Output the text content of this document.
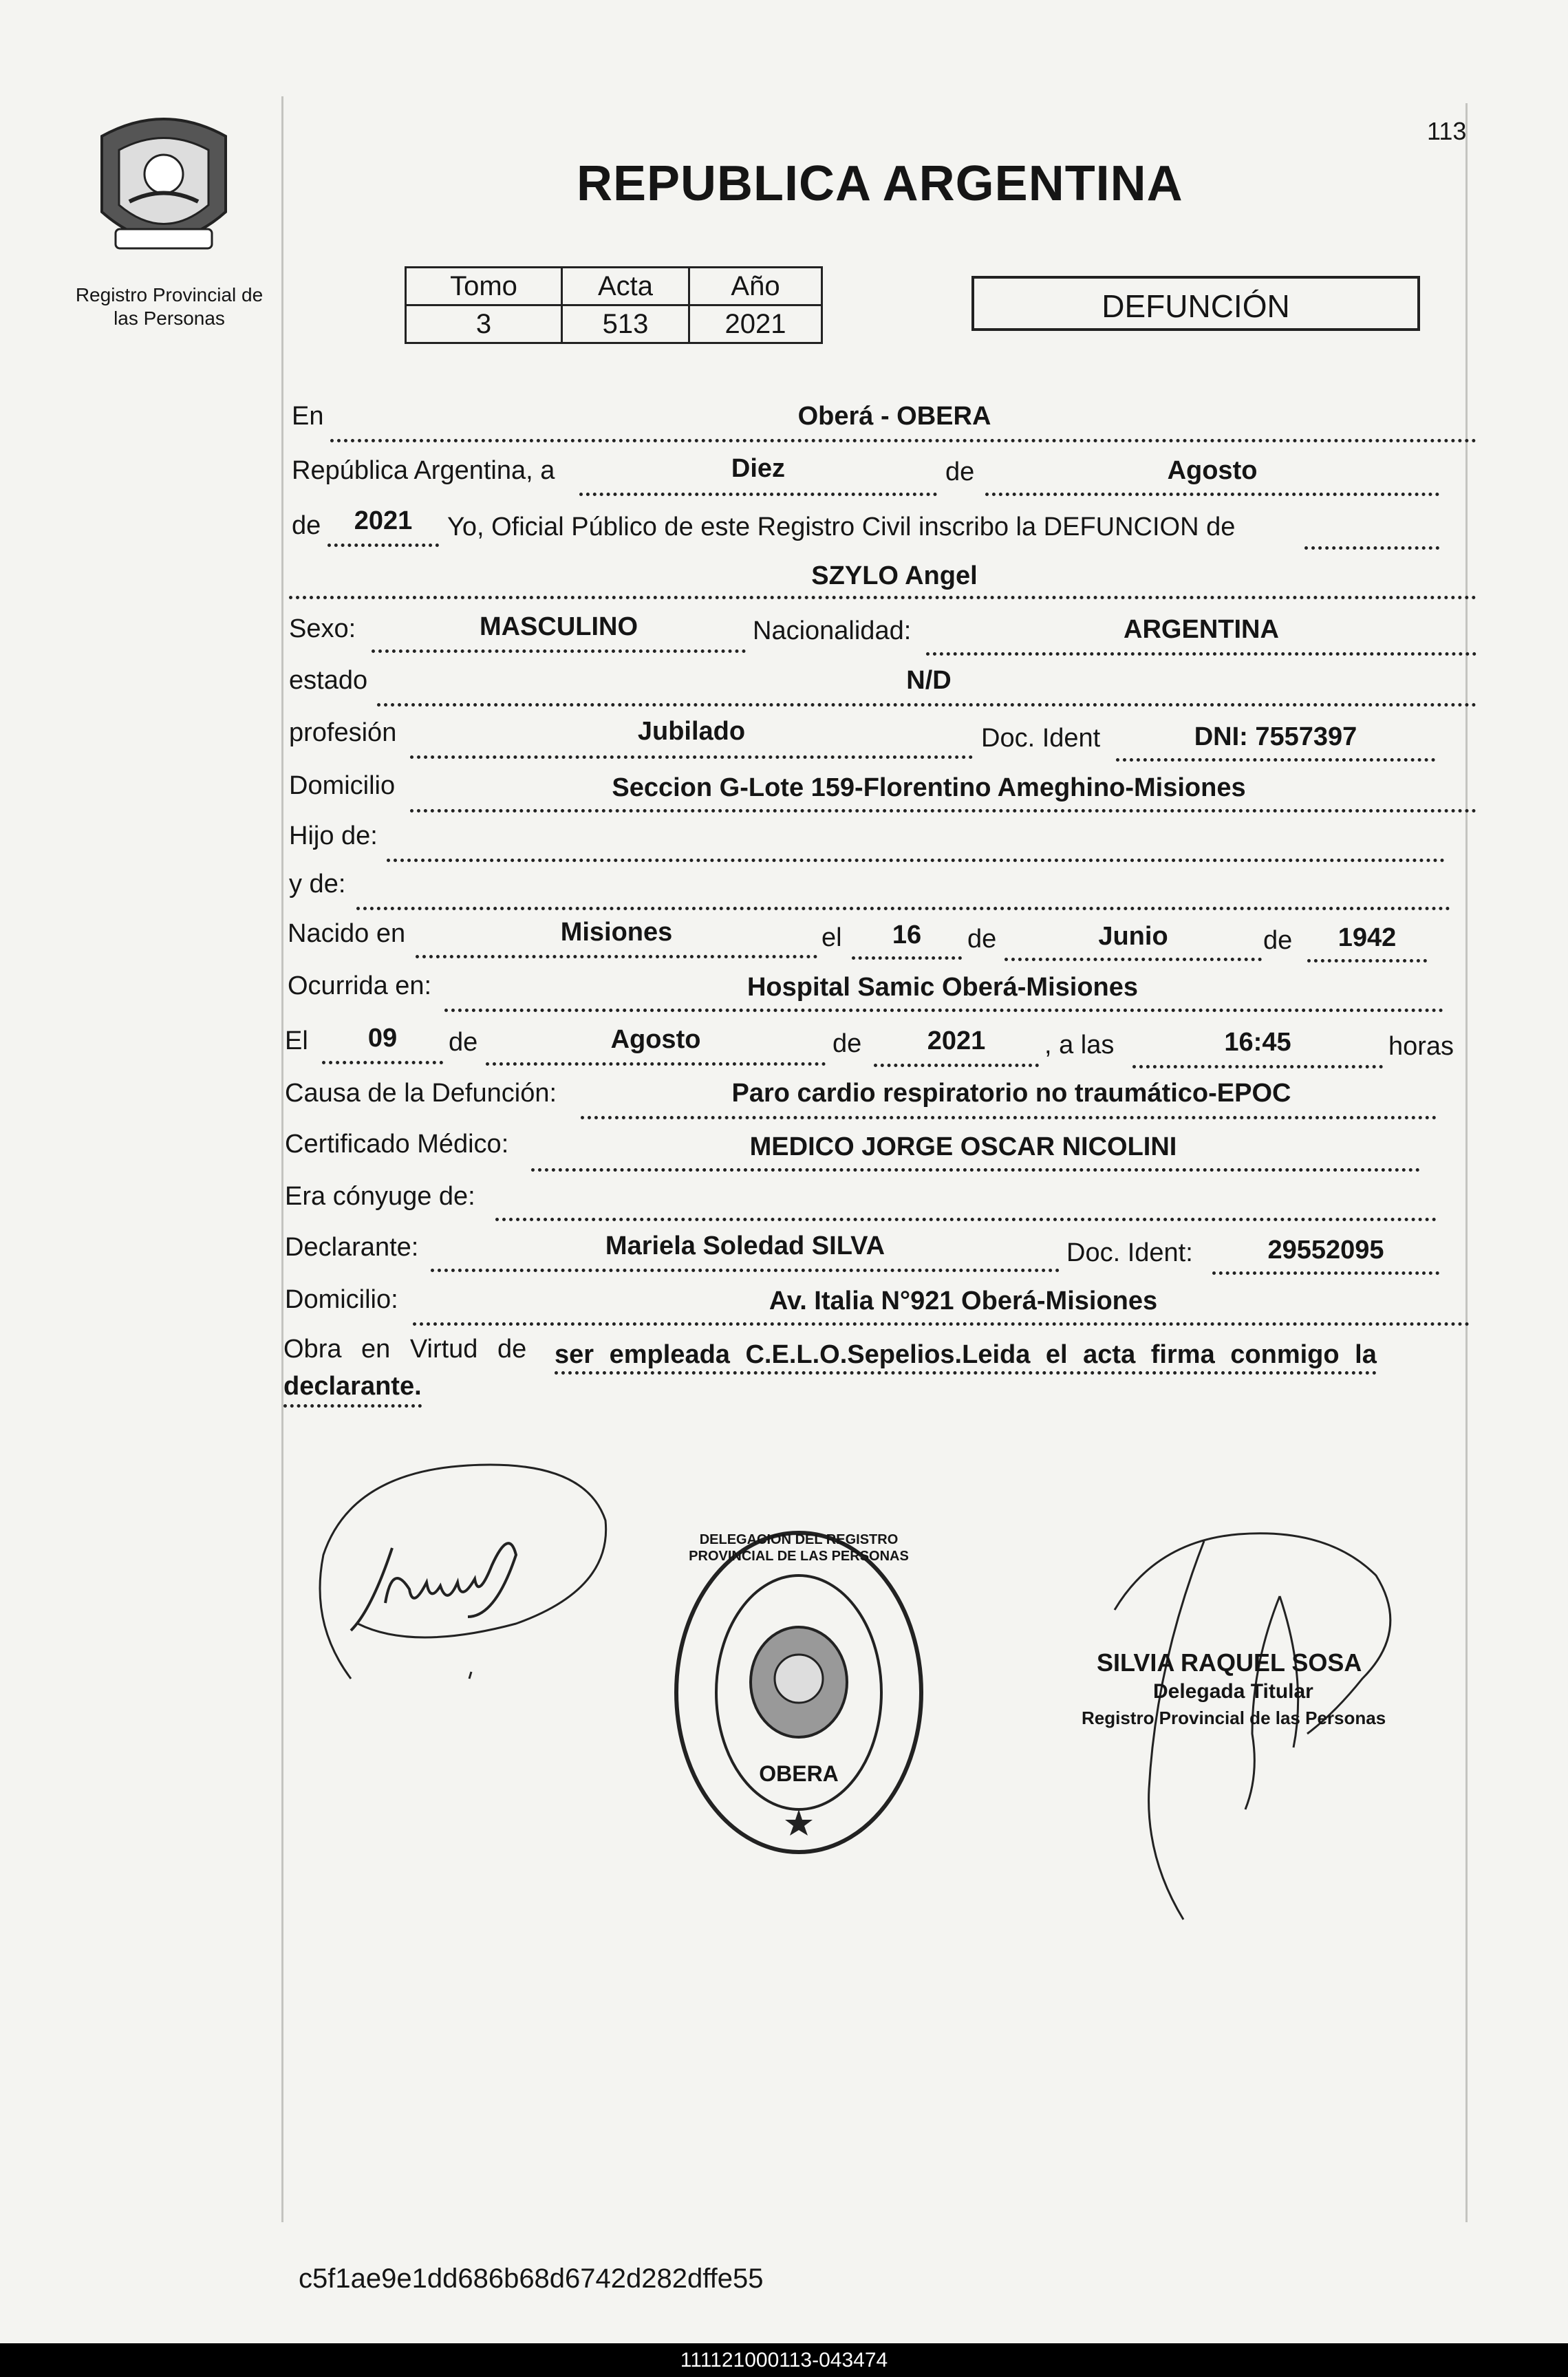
Registro Provincial de las Personas
113
REPUBLICA ARGENTINA
Tomo	Acta	Año
3	513	2021	DEFUNCIÓN
En	Oberá - OBERA
República Argentina, a	Diez	de	Agosto
de	2021	Yo, Oficial Público de este Registro Civil inscribo la DEFUNCION de
SZYLO Angel
Sexo:	MASCULINO	Nacionalidad:	ARGENTINA
estado	N/D
profesión	Jubilado	Doc. Ident	DNI: 7557397
Domicilio	Seccion G-Lote 159-Florentino Ameghino-Misiones
Hijo de:
y de:
Nacido en	Misiones	el	16	de	Junio	de	1942
Ocurrida en:	Hospital Samic Oberá-Misiones
El	09	de	Agosto	de	2021	, a las	16:45	horas
Causa de la Defunción:	Paro cardio respiratorio no traumático-EPOC
Certificado Médico:	MEDICO JORGE OSCAR NICOLINI
Era cónyuge de:
Declarante:	Mariela Soledad SILVA	Doc. Ident:	29552095
Domicilio:	Av. Italia N°921 Oberá-Misiones
Obra en Virtud de ser empleada C.E.L.O.Sepelios.Leida el acta firma conmigo la
declarante.
DELEGACION DEL REGISTRO PROVINCIAL DE LAS PERSONAS
OBERA
SILVIA RAQUEL SOSA
Delegada Titular
Registro Provincial de las Personas
c5f1ae9e1dd686b68d6742d282dffe55
111121000113-043474
